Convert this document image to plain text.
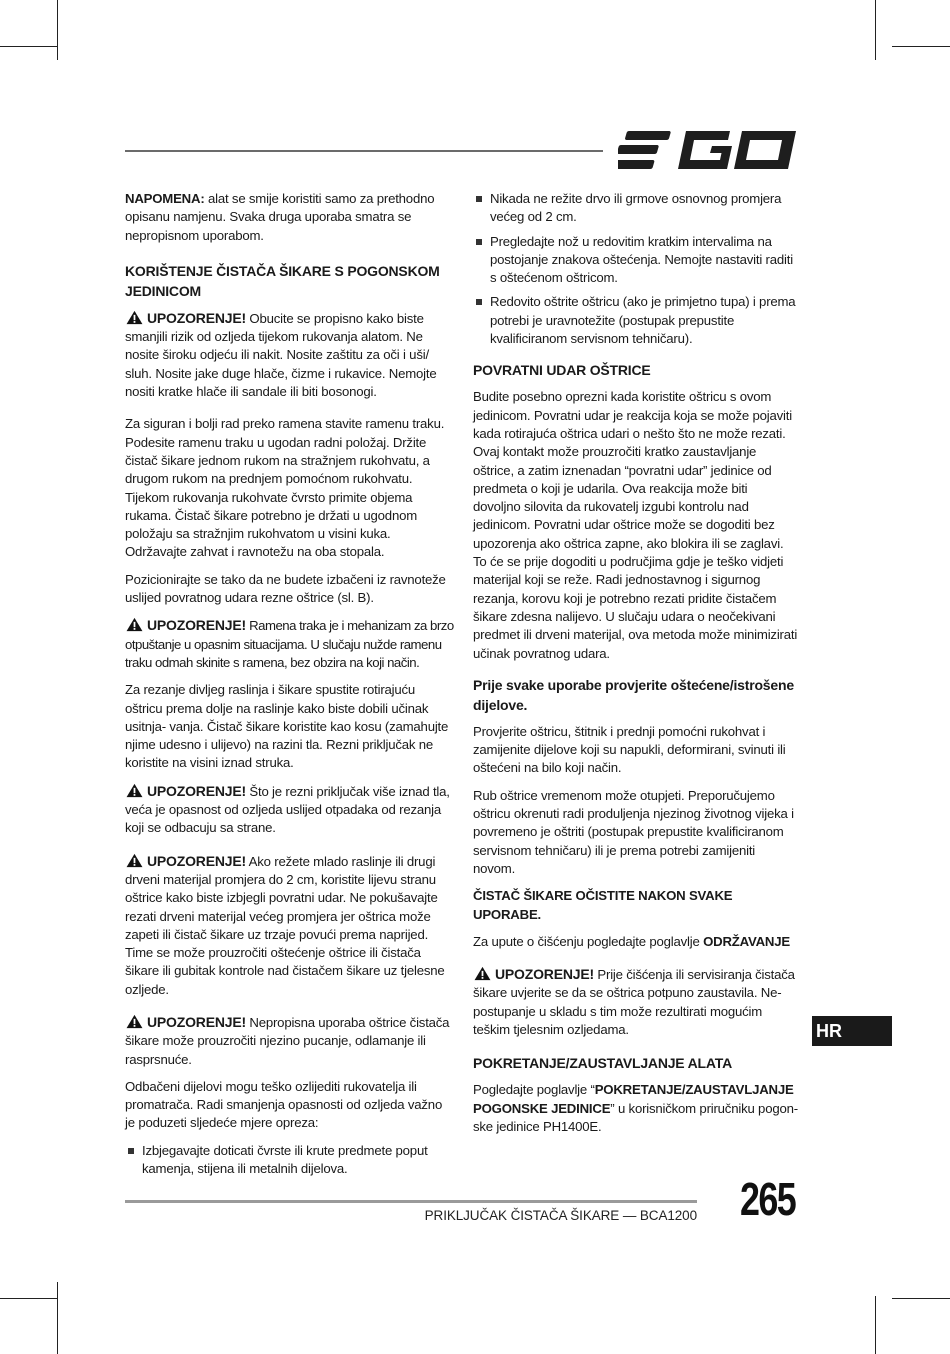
NAPOMENA: alat se smije koristiti samo za prethodno opisanu namjenu. Svaka druga uporaba smatra se nepropisnom uporabom.

KORIŠTENJE ČISTAČA ŠIKARE S POGONSKOM JEDINICOM

UPOZORENJE! Obucite se propisno kako biste smanjili rizik od ozljeda tijekom rukovanja alatom. Ne nosite široku odjeću ili nakit. Nosite zaštitu za oči i uši/ sluh. Nosite jake duge hlače, čizme i rukavice. Nemojte nositi kratke hlače ili sandale ili biti bosonogi.

Za siguran i bolji rad preko ramena stavite ramenu traku. Podesite ramenu traku u ugodan radni položaj. Držite čistač šikare jednom rukom na stražnjem rukohvatu, a drugom rukom na prednjem pomoćnom rukohvatu. Tijekom rukovanja rukohvate čvrsto primite objema rukama. Čistač šikare potrebno je držati u ugodnom položaju sa stražnjim rukohvatom u visini kuka. Održavajte zahvat i ravnotežu na oba stopala.

Pozicionirajte se tako da ne budete izbačeni iz ravnoteže uslijed povratnog udara rezne oštrice (sl. B).

UPOZORENJE! Ramena traka je i mehanizam za brzo otpuštanje u opasnim situacijama. U slučaju nužde ramenu traku odmah skinite s ramena, bez obzira na koji način.

Za rezanje divljeg raslinja i šikare spustite rotirajuću oštricu prema dolje na raslinje kako biste dobili učinak usitnja- vanja. Čistač šikare koristite kao kosu (zamahujte njime udesno i ulijevo) na razini tla. Rezni priključak ne koristite na visini iznad struka.

UPOZORENJE! Što je rezni priključak više iznad tla, veća je opasnost od ozljeda uslijed otpadaka od rezanja koji se odbacuju sa strane.

UPOZORENJE! Ako režete mlado raslinje ili drugi drveni materijal promjera do 2 cm, koristite lijevu stranu oštrice kako biste izbjegli povratni udar. Ne pokušavajte rezati drveni materijal većeg promjera jer oštrica može zapeti ili čistač šikare uz trzaje povući prema naprijed. Time se može prouzročiti oštećenje oštrice ili čistača šikare ili gubitak kontrole nad čistačem šikare uz tjelesne ozljede.

UPOZORENJE! Nepropisna uporaba oštrice čistača šikare može prouzročiti njezino pucanje, odlamanje ili rasprsnuće.

Odbačeni dijelovi mogu teško ozlijediti rukovatelja ili promatrača. Radi smanjenja opasnosti od ozljeda važno je poduzeti sljedeće mjere opreza:

Izbjegavajte doticati čvrste ili krute predmete poput kamenja, stijena ili metalnih dijelova.
Nikada ne režite drvo ili grmove osnovnog promjera većeg od 2 cm.
Pregledajte nož u redovitim kratkim intervalima na postojanje znakova oštećenja. Nemojte nastaviti raditi s oštećenom oštricom.
Redovito oštrite oštricu (ako je primjetno tupa) i prema potrebi je uravnotežite (postupak prepustite kvalificiranom servisnom tehničaru).
POVRATNI UDAR OŠTRICE

Budite posebno oprezni kada koristite oštricu s ovom jedinicom. Povratni udar je reakcija koja se može pojaviti kada rotirajuća oštrica udari o nešto što ne može rezati. Ovaj kontakt može prouzročiti kratko zaustavljanje oštrice, a zatim iznenadan “povratni udar” jedinice od predmeta o koji je udarila. Ova reakcija može biti dovoljno silovita da rukovatelj izgubi kontrolu nad jedinicom. Povratni udar oštrice može se dogoditi bez upozorenja ako oštrica zapne, ako blokira ili se zaglavi. To će se prije dogoditi u područjima gdje je teško vidjeti materijal koji se reže. Radi jednostavnog i sigurnog rezanja, korovu koji je potrebno rezati pridite čistačem šikare zdesna nalijevo. U slučaju udara o neočekivani predmet ili drveni materijal, ova metoda može minimizirati učinak povratnog udara.

Prije svake uporabe provjerite oštećene/istrošene dijelove.

Provjerite oštricu, štitnik i prednji pomoćni rukohvat i zamijenite dijelove koji su napukli, deformirani, svinuti ili oštećeni na bilo koji način.

Rub oštrice vremenom može otupjeti. Preporučujemo oštricu okrenuti radi produljenja njezinog životnog vijeka i povremeno je oštriti (postupak prepustite kvalificiranom servisnom tehničaru) ili je prema potrebi zamijeniti novom.

ČISTAČ ŠIKARE OČISTITE NAKON SVAKE UPORABE.

Za upute o čišćenju pogledajte poglavlje ODRŽAVANJE

UPOZORENJE! Prije čišćenja ili servisiranja čistača šikare uvjerite se da se oštrica potpuno zaustavila. Ne- postupanje u skladu s tim može rezultirati mogućim teškim tjelesnim ozljedama.

POKRETANJE/ZAUSTAVLJANJE ALATA

Pogledajte poglavlje “POKRETANJE/ZAUSTAVLJANJE POGONSKE JEDINICE” u korisničkom priručniku pogon- ske jedinice PH1400E.

HR
PRIKLJUČAK ČISTAČA ŠIKARE — BCA1200 265
